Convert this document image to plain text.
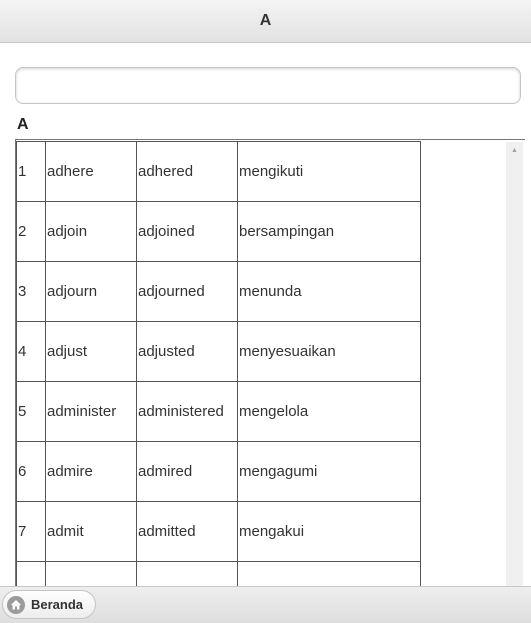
A
A
1	adhere	adhered	mengikuti
2	adjoin	adjoined	bersampingan
3	adjourn	adjourned	menunda
4	adjust	adjusted	menyesuaikan
5	administer	administered	mengelola
6	admire	admired	mengagumi
7	admit	admitted	mengakui

▲
Beranda
